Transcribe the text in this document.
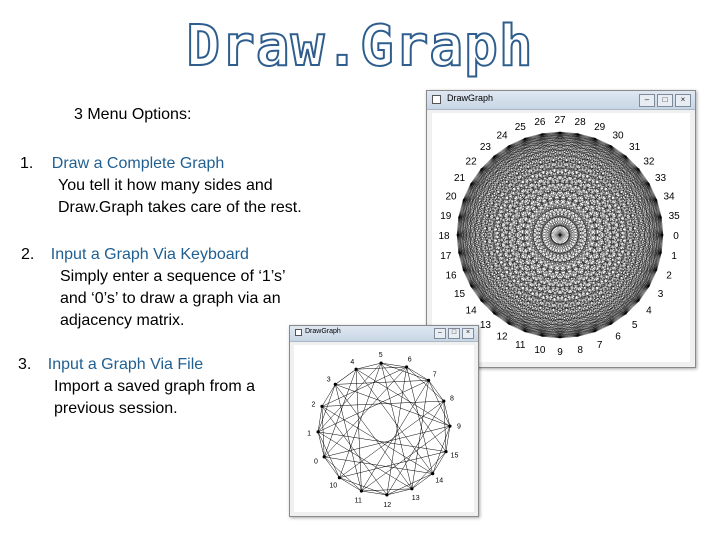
Draw.Graph
3 Menu Options:
1. Draw a Complete Graph
You tell it how many sides and
Draw.Graph takes care of the rest.
2. Input a Graph Via Keyboard
Simply enter a sequence of ‘1’s’
and ‘0’s’ to draw a graph via an
adjacency matrix.
3. Input a Graph Via File
Import a saved graph from a
previous session.
DrawGraph	–	□	×
0
1
2
3
4
5
6
7
8
9
10
11
12
13
14
15
16
17
18
19
20
21
22
23
24
25 26 27 28 29
30
31
32
33
34
35
DrawGraph	–	□	×
4
5
6
7
8
9
15
14
13
12
11
10
0
1
2
3
